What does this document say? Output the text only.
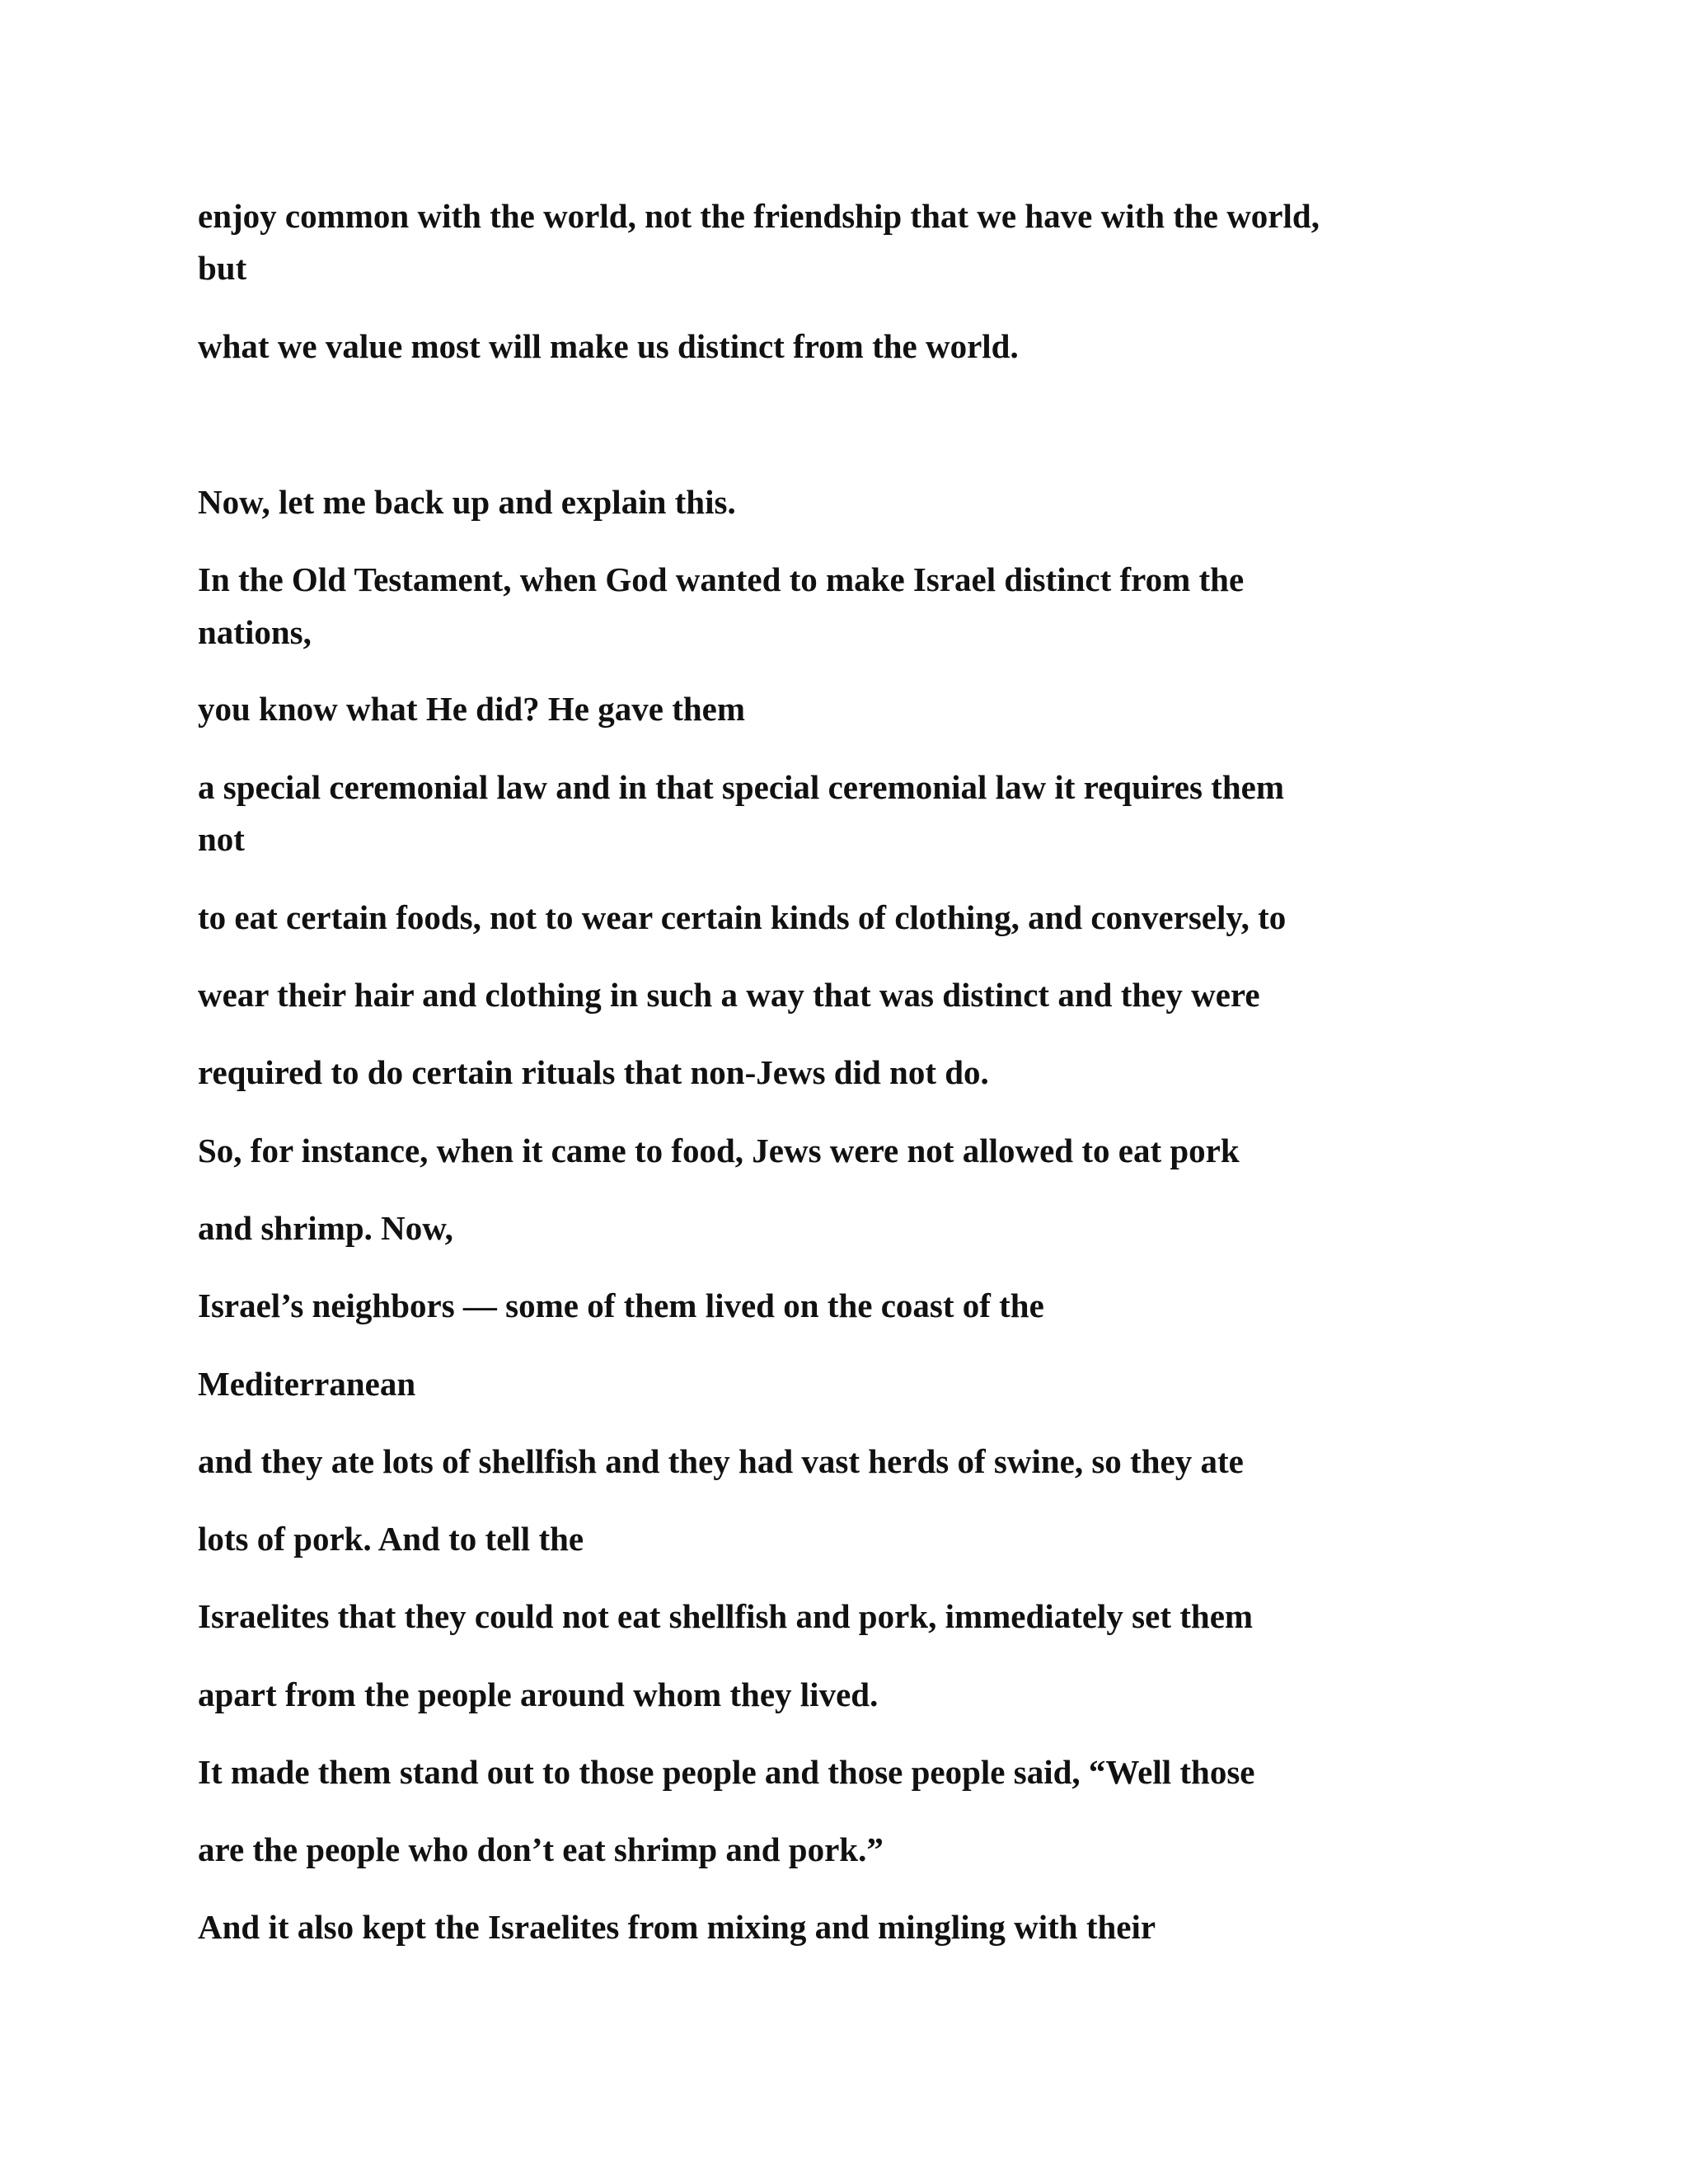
enjoy common with the world, not the friendship that we have with the world,

but

what we value most will make us distinct from the world.

Now, let me back up and explain this.

In the Old Testament, when God wanted to make Israel distinct from the

nations,

you know what He did? He gave them

a special ceremonial law and in that special ceremonial law it requires them

not

to eat certain foods, not to wear certain kinds of clothing, and conversely, to

wear their hair and clothing in such a way that was distinct and they were

required to do certain rituals that non-Jews did not do.

So, for instance, when it came to food, Jews were not allowed to eat pork

and shrimp. Now,

Israel’s neighbors — some of them lived on the coast of the

Mediterranean

and they ate lots of shellfish and they had vast herds of swine, so they ate

lots of pork. And to tell the

Israelites that they could not eat shellfish and pork, immediately set them

apart from the people around whom they lived.

It made them stand out to those people and those people said, “Well those

are the people who don’t eat shrimp and pork.”

And it also kept the Israelites from mixing and mingling with their
